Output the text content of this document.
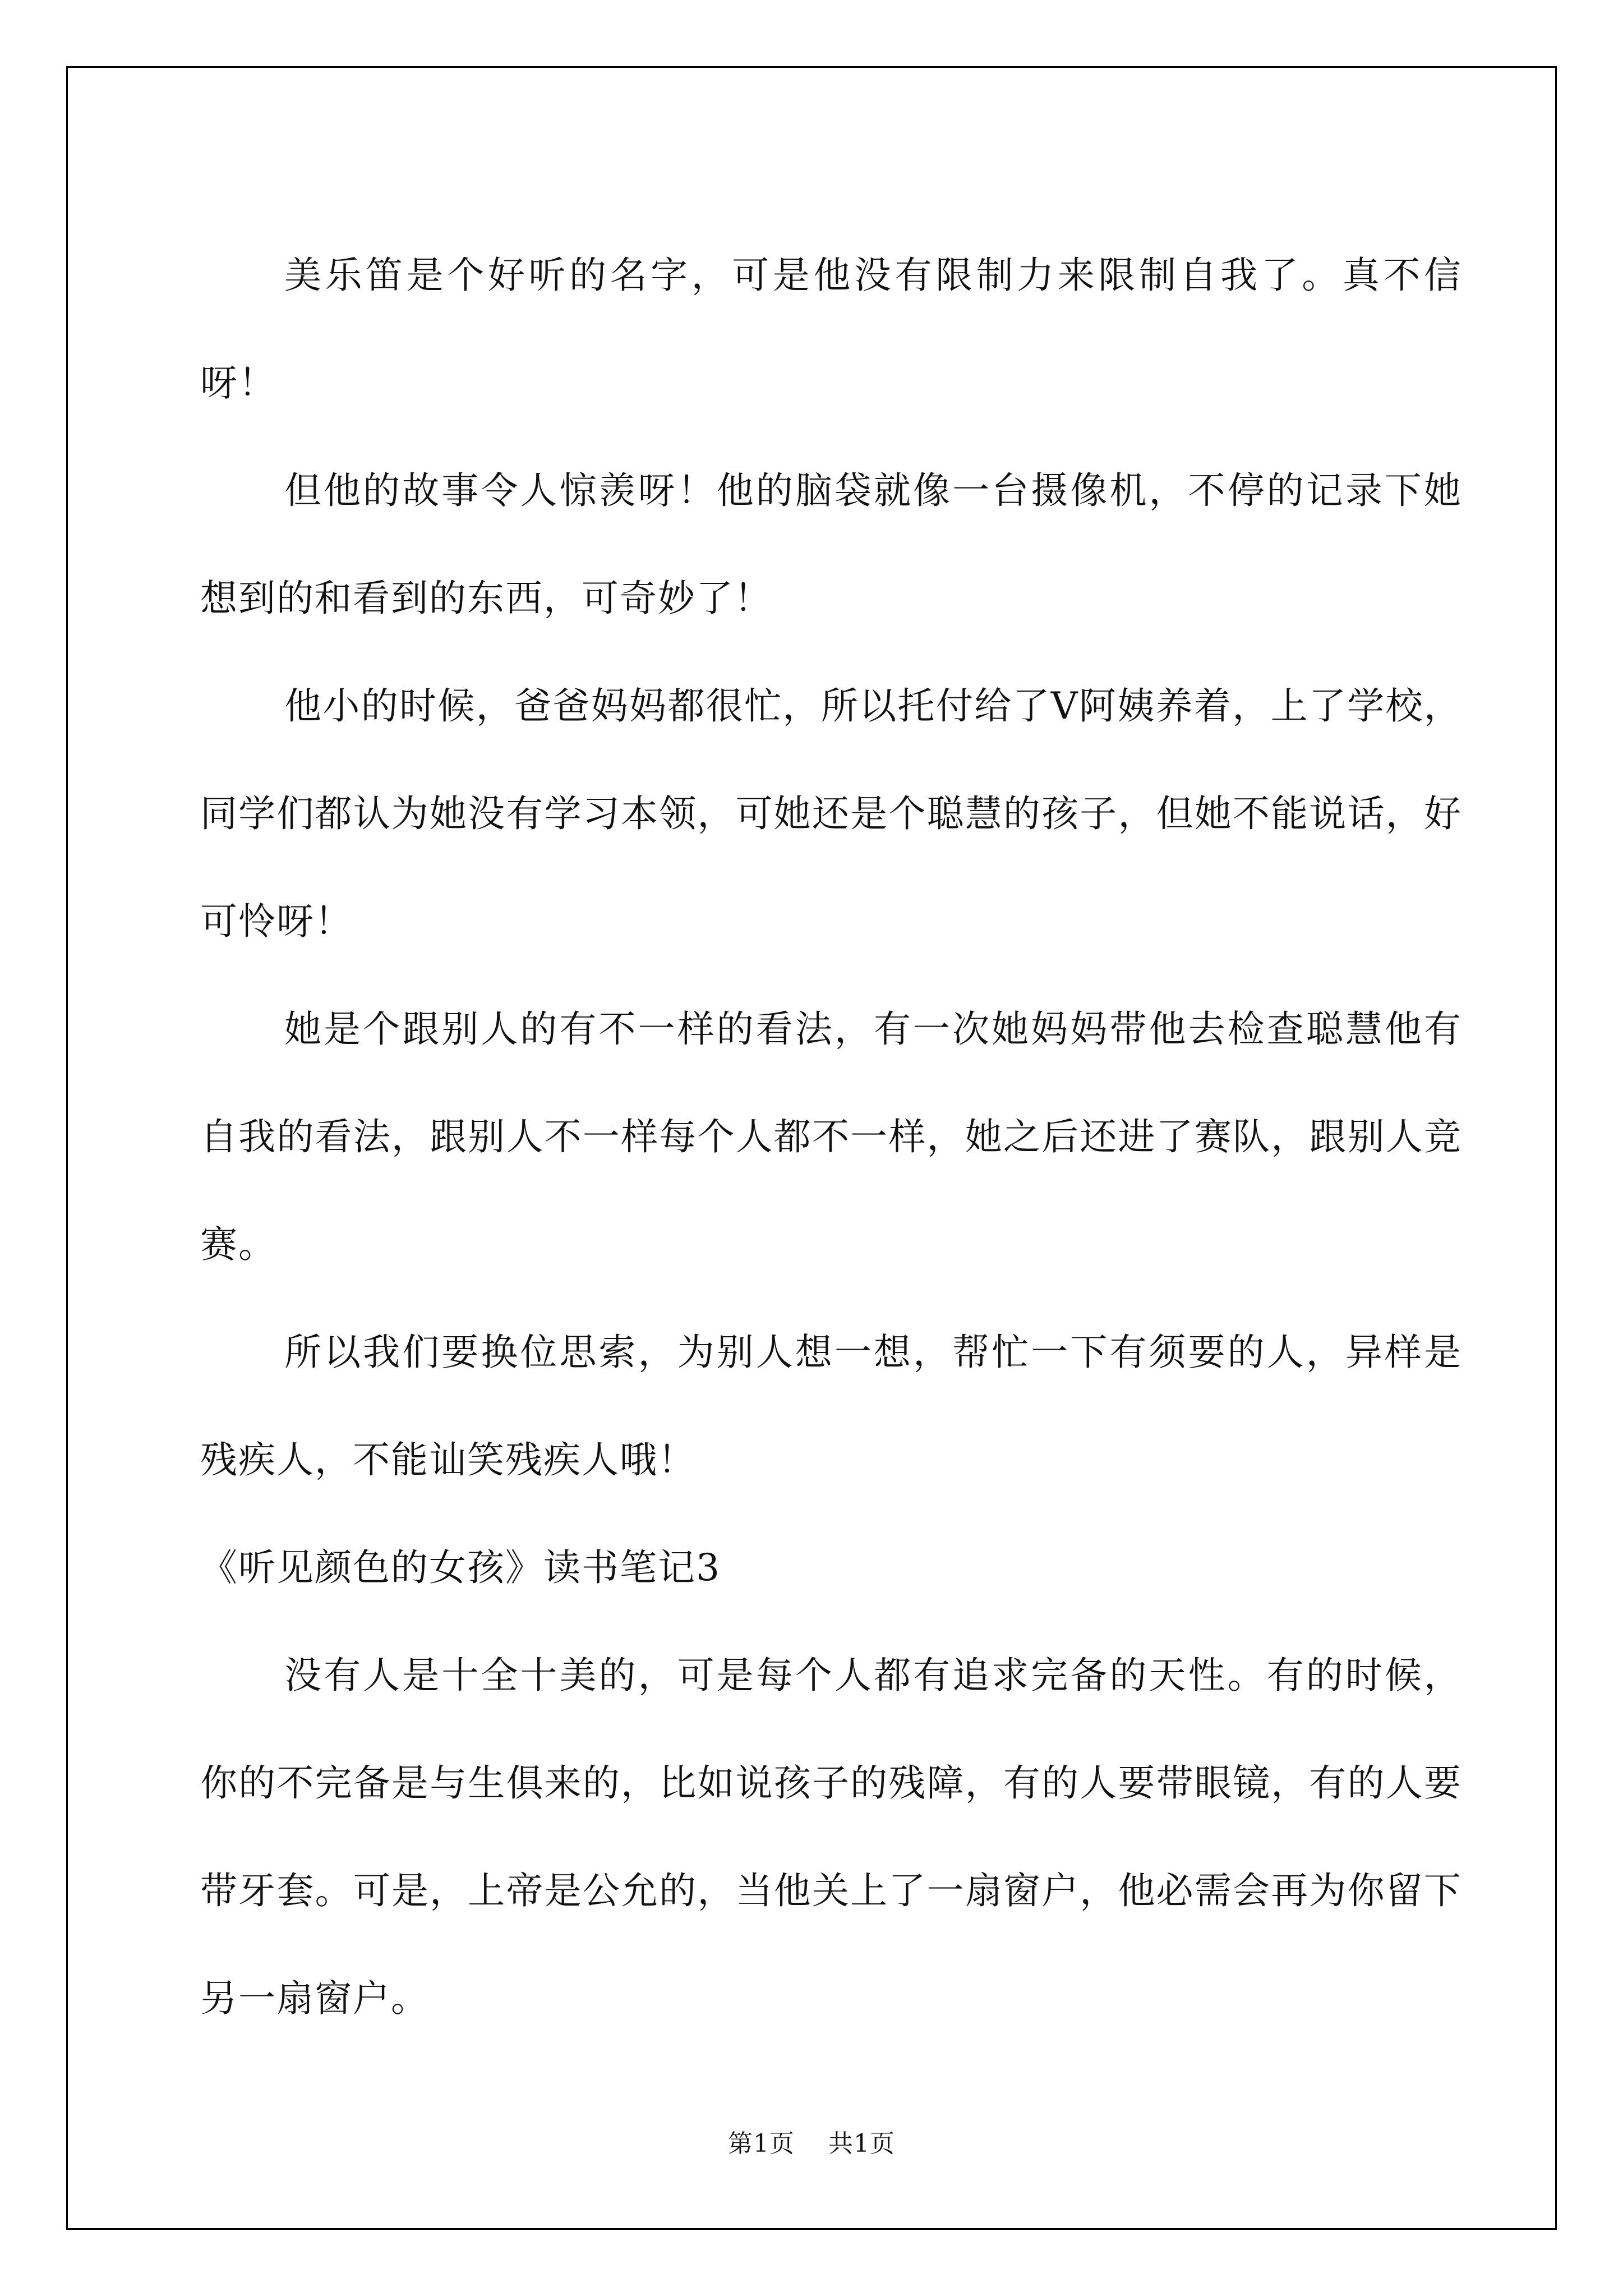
美乐笛是个好听的名字，可是他没有限制力来限制自我了。真不信呀！

但他的故事令人惊羡呀！他的脑袋就像一台摄像机，不停的记录下她想到的和看到的东西，可奇妙了！

他小的时候，爸爸妈妈都很忙，所以托付给了V阿姨养着，上了学校，同学们都认为她没有学习本领，可她还是个聪慧的孩子，但她不能说话，好可怜呀！

她是个跟别人的有不一样的看法，有一次她妈妈带他去检查聪慧他有自我的看法，跟别人不一样每个人都不一样，她之后还进了赛队，跟别人竞赛。

所以我们要换位思索，为别人想一想，帮忙一下有须要的人，异样是残疾人，不能讪笑残疾人哦！

《听见颜色的女孩》读书笔记3

没有人是十全十美的，可是每个人都有追求完备的天性。有的时候，你的不完备是与生俱来的，比如说孩子的残障，有的人要带眼镜，有的人要带牙套。可是，上帝是公允的，当他关上了一扇窗户，他必需会再为你留下另一扇窗户。

第1页 共1页
